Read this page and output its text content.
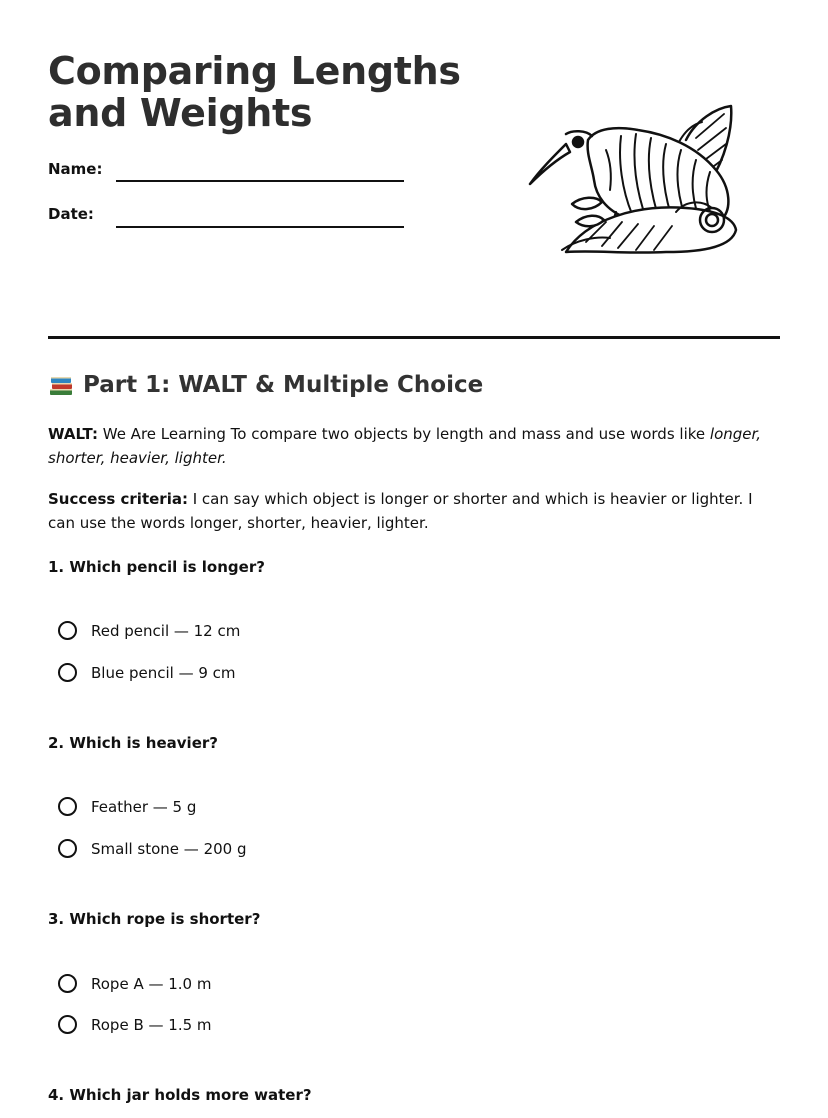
Comparing Lengths and Weights
Name:
Date:
Part 1: WALT & Multiple Choice
WALT: We Are Learning To compare two objects by length and mass and use words like longer, shorter, heavier, lighter.
Success criteria: I can say which object is longer or shorter and which is heavier or lighter. I can use the words longer, shorter, heavier, lighter.
1. Which pencil is longer?
Red pencil — 12 cm
Blue pencil — 9 cm
2. Which is heavier?
Feather — 5 g
Small stone — 200 g
3. Which rope is shorter?
Rope A — 1.0 m
Rope B — 1.5 m
4. Which jar holds more water?
